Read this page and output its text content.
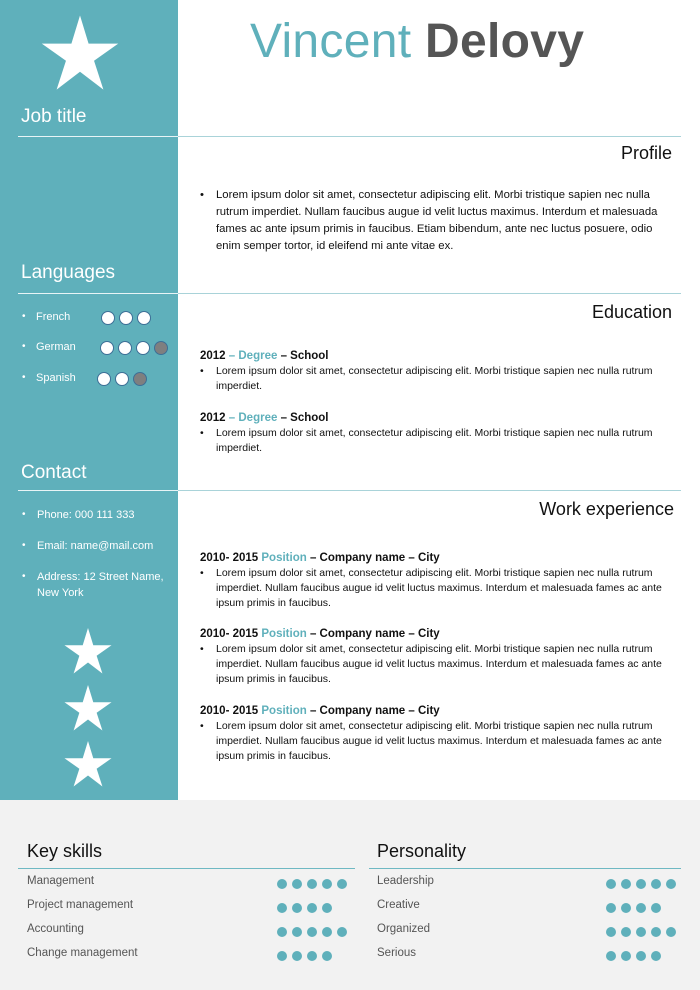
Vincent Delovy
Job title
Profile
• Lorem ipsum dolor sit amet, consectetur adipiscing elit. Morbi tristique sapien nec nulla rutrum imperdiet. Nullam faucibus augue id velit luctus maximus. Interdum et malesuada fames ac ante ipsum primis in faucibus. Etiam bibendum, ante nec luctus posuere, odio enim semper tortor, id eleifend mi ante vitae ex.
Languages
• French
• German
• Spanish
Education
2012 – Degree – School
• Lorem ipsum dolor sit amet, consectetur adipiscing elit. Morbi tristique sapien nec nulla rutrum imperdiet.
2012 – Degree – School
• Lorem ipsum dolor sit amet, consectetur adipiscing elit. Morbi tristique sapien nec nulla rutrum imperdiet.
Contact
•	Phone: 000 111 333
•	Email: name@mail.com
•	Address: 12 Street Name, New York
Work experience
2010- 2015 Position – Company name – City
• Lorem ipsum dolor sit amet, consectetur adipiscing elit. Morbi tristique sapien nec nulla rutrum imperdiet. Nullam faucibus augue id velit luctus maximus. Interdum et malesuada fames ac ante ipsum primis in faucibus.
2010- 2015 Position – Company name – City
• Lorem ipsum dolor sit amet, consectetur adipiscing elit. Morbi tristique sapien nec nulla rutrum imperdiet. Nullam faucibus augue id velit luctus maximus. Interdum et malesuada fames ac ante ipsum primis in faucibus.
2010- 2015 Position – Company name – City
• Lorem ipsum dolor sit amet, consectetur adipiscing elit. Morbi tristique sapien nec nulla rutrum imperdiet. Nullam faucibus augue id velit luctus maximus. Interdum et malesuada fames ac ante ipsum primis in faucibus.
Key skills
Management
Project management
Accounting
Change management
Personality
Leadership
Creative
Organized
Serious
